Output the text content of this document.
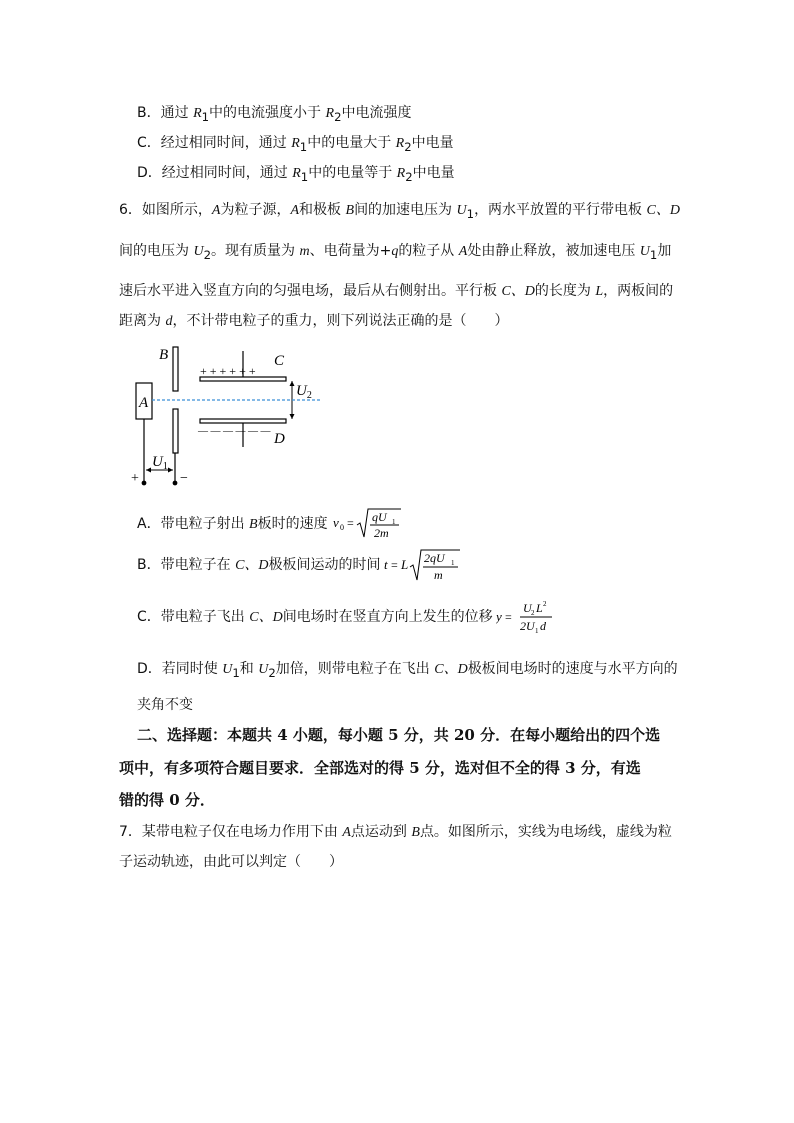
B．通过 $R_1$中的电流强度小于 $R_2$中电流强度
C．经过相同时间，通过 $R_1$中的电量大于 $R_2$中电量
D．经过相同时间，通过 $R_1$中的电量等于 $R_2$中电量
6．如图所示，A为粒子源，A和极板 B间的加速电压为 $U_1$，两水平放置的平行带电板 C、D
间的电压为 $U_2$。现有质量为 m、电荷量为+q的粒子从 A处由静止释放，被加速电压 $U_1$加
速后水平进入竖直方向的匀强电场，最后从右侧射出。平行板 C、D的长度为 L，两板间的
距离为 d，不计带电粒子的重力，则下列说法正确的是（　　）
B
A
+	−
$U_1$
+ + + + + +
C
— — — — — — D
$U_2$
A．带电粒子射出 B板时的速度 v 0 = qU 1
2m
B．带电粒子在 C、D极板间运动的时间 t = L 2qU 1
m
C．带电粒子飞出 C、D间电场时在竖直方向上发生的位移 y =
U 2 L 2
2U 1 d
D．若同时使 $U_1$和 $U_2$加倍，则带电粒子在飞出 C、D极板间电场时的速度与水平方向的
夹角不变
二、选择题：本题共 4 小题，每小题 5 分，共 20 分．在每小题给出的四个选
项中，有多项符合题目要求．全部选对的得 5 分，选对但不全的得 3 分，有选
错的得 0 分．
7．某带电粒子仅在电场力作用下由 A点运动到 B点。如图所示，实线为电场线，虚线为粒
子运动轨迹，由此可以判定（　　）
